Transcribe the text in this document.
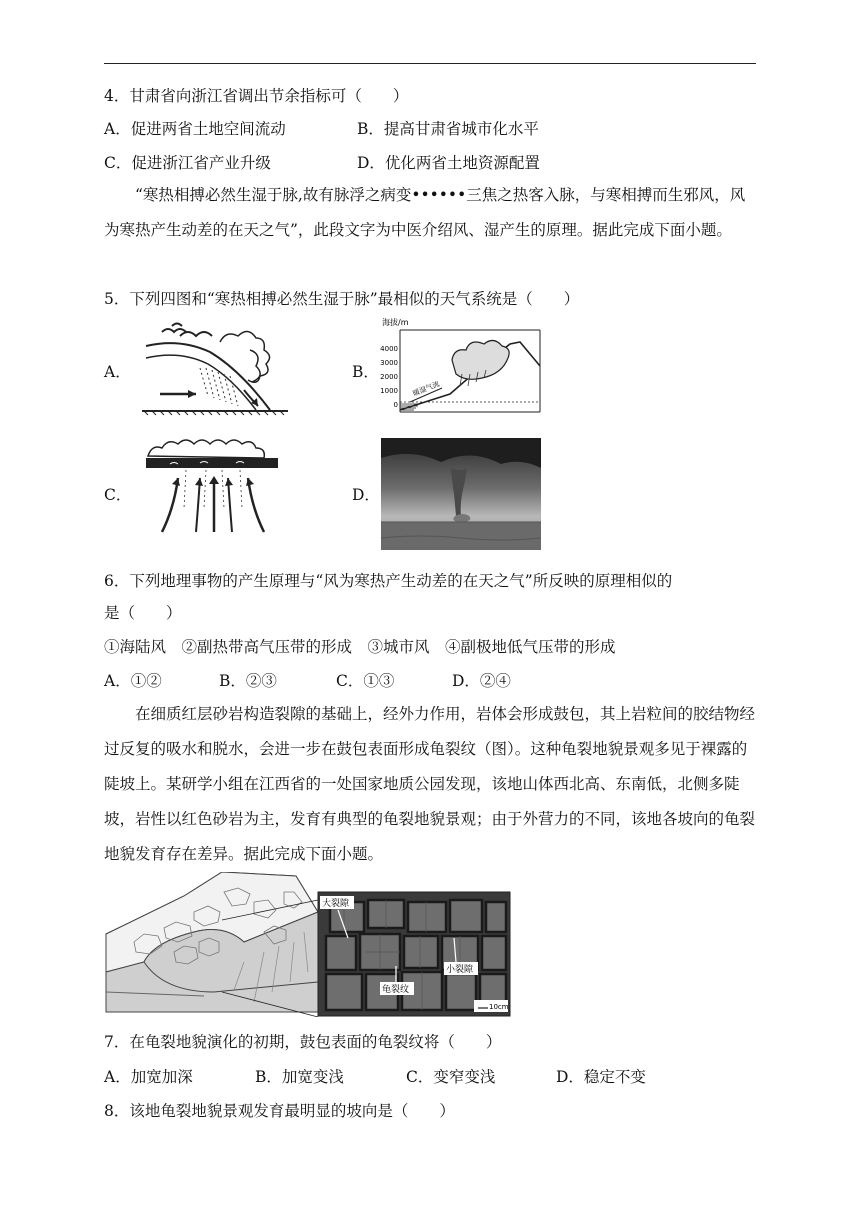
4．甘肃省向浙江省调出节余指标可（　　）
A．促进两省土地空间流动	B．提高甘肃省城市化水平
C．促进浙江省产业升级	D．优化两省土地资源配置
“寒热相搏必然生湿于脉,故有脉浮之病变••••••三焦之热客入脉，与寒相搏而生邪风，风为寒热产生动差的在天之气”，此段文字为中医介绍风、湿产生的原理。据此完成下面小题。
5．下列四图和“寒热相搏必然生湿于脉”最相似的天气系统是（　　）
A．	B．
海拔/m
4000
3000
2000
1000
0
暖湿气流
C．	D．
6．下列地理事物的产生原理与“风为寒热产生动差的在天之气”所反映的原理相似的
是（　　）
①海陆风　②副热带高气压带的形成　③城市风　④副极地低气压带的形成
A．①②	B．②③	C．①③	D．②④
在细质红层砂岩构造裂隙的基础上，经外力作用，岩体会形成鼓包，其上岩粒间的胶结物经过反复的吸水和脱水，会进一步在鼓包表面形成龟裂纹（图）。这种龟裂地貌景观多见于裸露的陡坡上。某研学小组在江西省的一处国家地质公园发现，该地山体西北高、东南低，北侧多陡坡，岩性以红色砂岩为主，发育有典型的龟裂地貌景观；由于外营力的不同，该地各坡向的龟裂地貌发育存在差异。据此完成下面小题。
大裂隙
小裂隙
龟裂纹
10cm
7．在龟裂地貌演化的初期，鼓包表面的龟裂纹将（　　）
A．加宽加深	B．加宽变浅	C．变窄变浅	D．稳定不变
8．该地龟裂地貌景观发育最明显的坡向是（　　）
